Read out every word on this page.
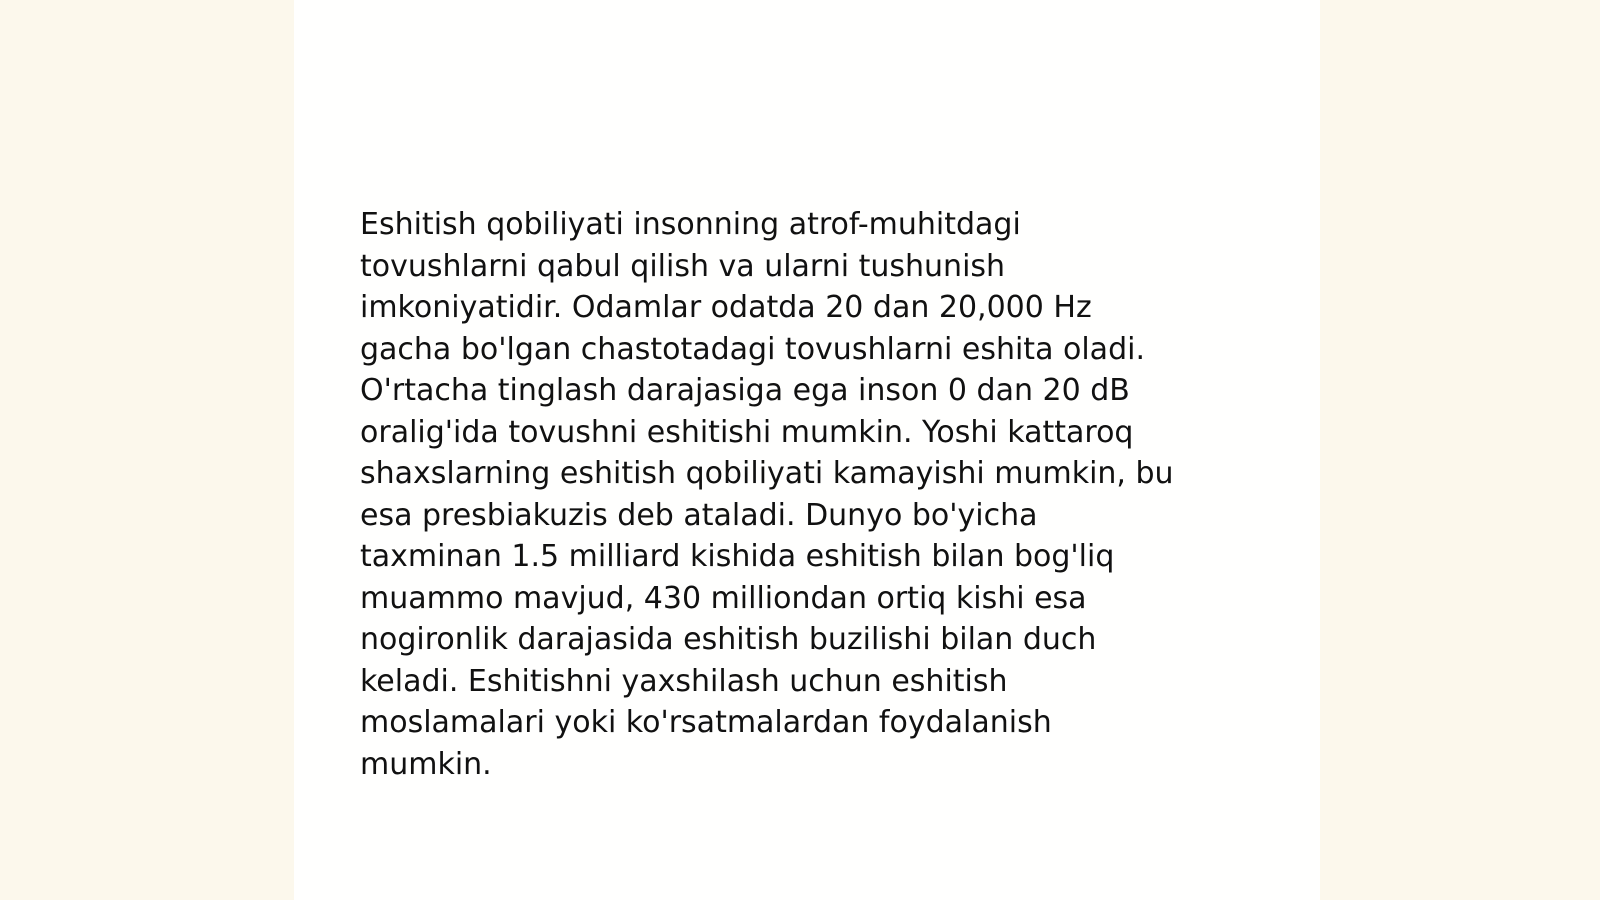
Eshitish qobiliyati insonning atrof-muhitdagi
tovushlarni qabul qilish va ularni tushunish
imkoniyatidir. Odamlar odatda 20 dan 20,000 Hz
gacha bo'lgan chastotadagi tovushlarni eshita oladi.
O'rtacha tinglash darajasiga ega inson 0 dan 20 dB
oralig'ida tovushni eshitishi mumkin. Yoshi kattaroq
shaxslarning eshitish qobiliyati kamayishi mumkin, bu
esa presbiakuzis deb ataladi. Dunyo bo'yicha
taxminan 1.5 milliard kishida eshitish bilan bog'liq
muammo mavjud, 430 milliondan ortiq kishi esa
nogironlik darajasida eshitish buzilishi bilan duch
keladi. Eshitishni yaxshilash uchun eshitish
moslamalari yoki ko'rsatmalardan foydalanish
mumkin.
